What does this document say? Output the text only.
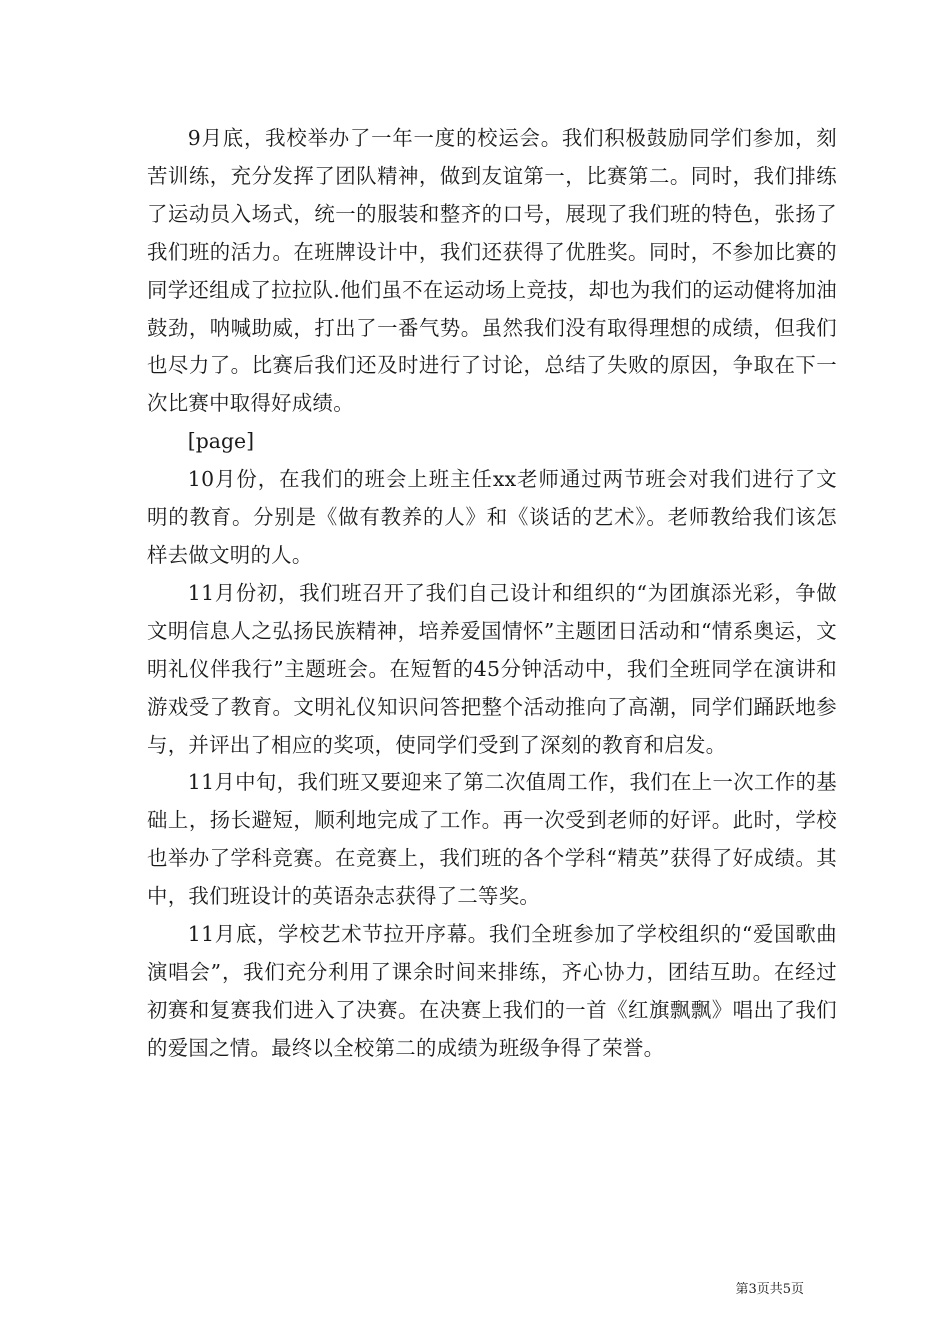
9月底，我校举办了一年一度的校运会。我们积极鼓励同学们参加，刻苦训练，充分发挥了团队精神，做到友谊第一，比赛第二。同时，我们排练了运动员入场式，统一的服装和整齐的口号，展现了我们班的特色，张扬了我们班的活力。在班牌设计中，我们还获得了优胜奖。同时，不参加比赛的同学还组成了拉拉队.他们虽不在运动场上竞技，却也为我们的运动健将加油鼓劲，呐喊助威，打出了一番气势。虽然我们没有取得理想的成绩，但我们也尽力了。比赛后我们还及时进行了讨论，总结了失败的原因，争取在下一次比赛中取得好成绩。

[page]

10月份，在我们的班会上班主任xx老师通过两节班会对我们进行了文明的教育。分别是《做有教养的人》和《谈话的艺术》。老师教给我们该怎样去做文明的人。

11月份初，我们班召开了我们自己设计和组织的“为团旗添光彩，争做文明信息人之弘扬民族精神，培养爱国情怀”主题团日活动和“情系奥运，文明礼仪伴我行”主题班会。在短暂的45分钟活动中，我们全班同学在演讲和游戏受了教育。文明礼仪知识问答把整个活动推向了高潮，同学们踊跃地参与，并评出了相应的奖项，使同学们受到了深刻的教育和启发。

11月中旬，我们班又要迎来了第二次值周工作，我们在上一次工作的基础上，扬长避短，顺利地完成了工作。再一次受到老师的好评。此时，学校也举办了学科竞赛。在竞赛上，我们班的各个学科“精英”获得了好成绩。其中，我们班设计的英语杂志获得了二等奖。

11月底，学校艺术节拉开序幕。我们全班参加了学校组织的“爱国歌曲演唱会”，我们充分利用了课余时间来排练，齐心协力，团结互助。在经过初赛和复赛我们进入了决赛。在决赛上我们的一首《红旗飘飘》唱出了我们的爱国之情。最终以全校第二的成绩为班级争得了荣誉。

第3页共5页
